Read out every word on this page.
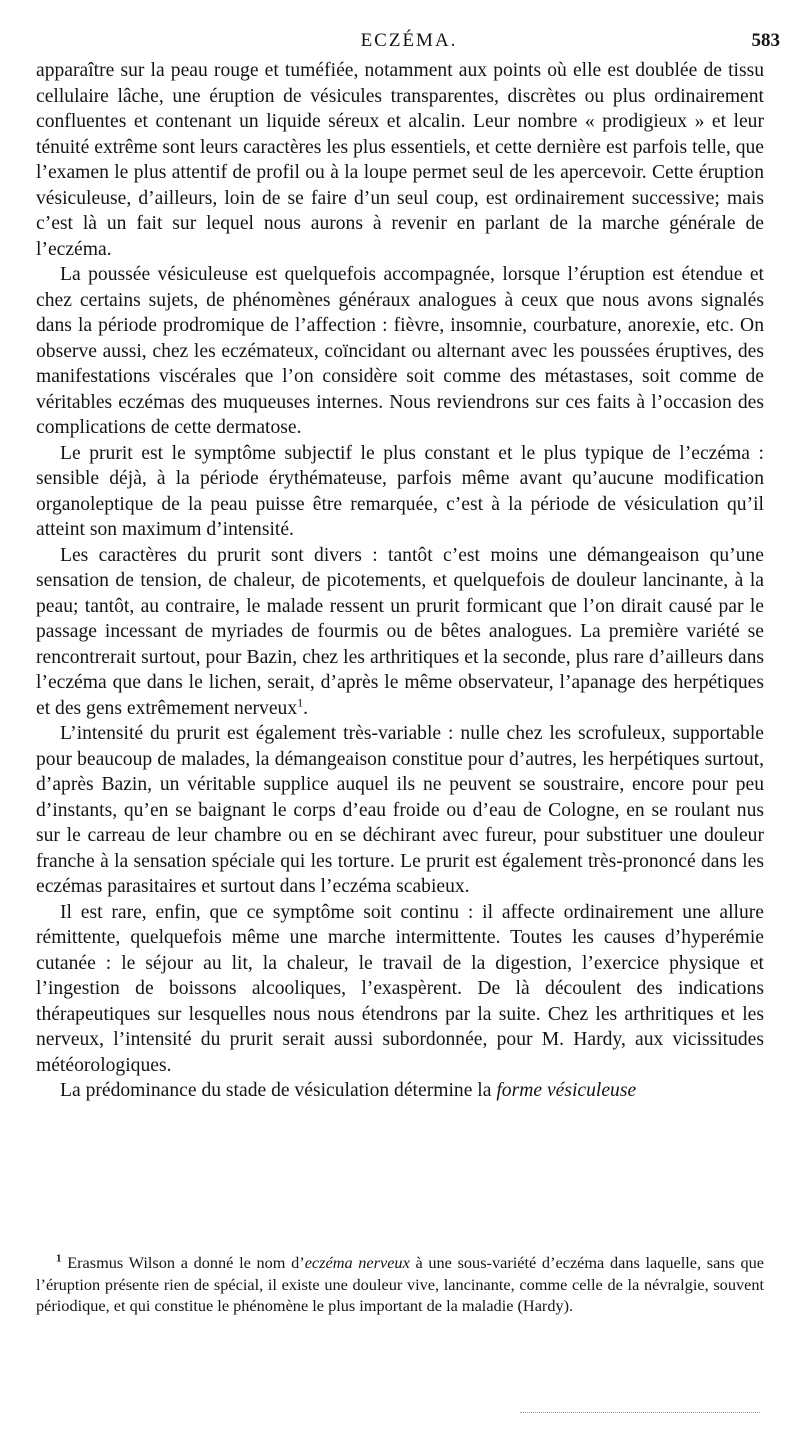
ECZÉMA.	583

apparaître sur la peau rouge et tuméfiée, notamment aux points où elle est doublée de tissu cellulaire lâche, une éruption de vésicules transparentes, discrètes ou plus ordinairement confluentes et contenant un liquide séreux et alcalin. Leur nombre « prodigieux » et leur ténuité extrême sont leurs caractères les plus essentiels, et cette dernière est parfois telle, que l’examen le plus attentif de profil ou à la loupe permet seul de les apercevoir. Cette éruption vésiculeuse, d’ailleurs, loin de se faire d’un seul coup, est ordinairement successive; mais c’est là un fait sur lequel nous aurons à revenir en parlant de la marche générale de l’eczéma.

La poussée vésiculeuse est quelquefois accompagnée, lorsque l’éruption est étendue et chez certains sujets, de phénomènes généraux analogues à ceux que nous avons signalés dans la période prodromique de l’affection : fièvre, insomnie, courbature, anorexie, etc. On observe aussi, chez les eczémateux, coïncidant ou alternant avec les poussées éruptives, des manifestations viscérales que l’on considère soit comme des métastases, soit comme de véritables eczémas des muqueuses internes. Nous reviendrons sur ces faits à l’occasion des complications de cette dermatose.

Le prurit est le symptôme subjectif le plus constant et le plus typique de l’eczéma : sensible déjà, à la période érythémateuse, parfois même avant qu’aucune modification organoleptique de la peau puisse être remarquée, c’est à la période de vésiculation qu’il atteint son maximum d’intensité.

Les caractères du prurit sont divers : tantôt c’est moins une démangeaison qu’une sensation de tension, de chaleur, de picotements, et quelquefois de douleur lancinante, à la peau; tantôt, au contraire, le malade ressent un prurit formicant que l’on dirait causé par le passage incessant de myriades de fourmis ou de bêtes analogues. La première variété se rencontrerait surtout, pour Bazin, chez les arthritiques et la seconde, plus rare d’ailleurs dans l’eczéma que dans le lichen, serait, d’après le même observateur, l’apanage des herpétiques et des gens extrêmement nerveux$^1$.

L’intensité du prurit est également très-variable : nulle chez les scrofuleux, supportable pour beaucoup de malades, la démangeaison constitue pour d’autres, les herpétiques surtout, d’après Bazin, un véritable supplice auquel ils ne peuvent se soustraire, encore pour peu d’instants, qu’en se baignant le corps d’eau froide ou d’eau de Cologne, en se roulant nus sur le carreau de leur chambre ou en se déchirant avec fureur, pour substituer une douleur franche à la sensation spéciale qui les torture. Le prurit est également très-prononcé dans les eczémas parasitaires et surtout dans l’eczéma scabieux.

Il est rare, enfin, que ce symptôme soit continu : il affecte ordinairement une allure rémittente, quelquefois même une marche intermittente. Toutes les causes d’hyperémie cutanée : le séjour au lit, la chaleur, le travail de la digestion, l’exercice physique et l’ingestion de boissons alcooliques, l’exaspèrent. De là découlent des indications thérapeutiques sur lesquelles nous nous étendrons par la suite. Chez les arthritiques et les nerveux, l’intensité du prurit serait aussi subordonnée, pour M. Hardy, aux vicissitudes météorologiques.

La prédominance du stade de vésiculation détermine la forme vésiculeuse

$^1$ Erasmus Wilson a donné le nom d’eczéma nerveux à une sous-variété d’eczéma dans laquelle, sans que l’éruption présente rien de spécial, il existe une douleur vive, lancinante, comme celle de la névralgie, souvent périodique, et qui constitue le phénomène le plus important de la maladie (Hardy).
